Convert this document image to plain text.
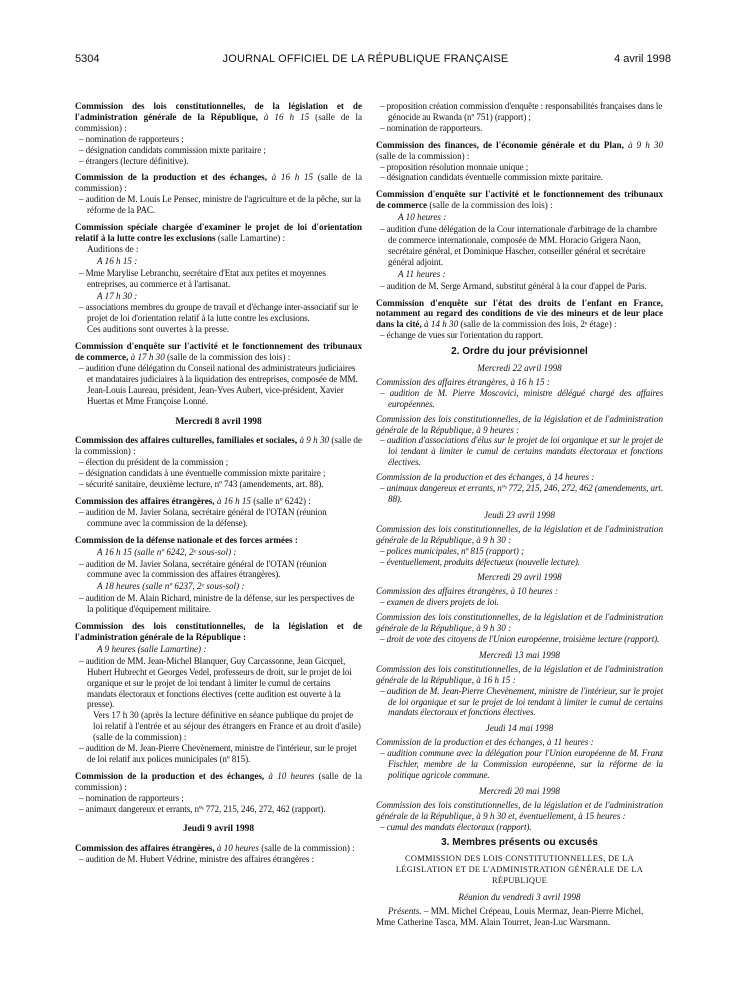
5304	JOURNAL OFFICIEL DE LA RÉPUBLIQUE FRANÇAISE	4 avril 1998
Commission des lois constitutionnelles, de la législation et de l'administration générale de la République, à 16 h 15 (salle de la commission) :

– nomination de rapporteurs ;

– désignation candidats commission mixte paritaire ;

– étrangers (lecture définitive).

Commission de la production et des échanges, à 16 h 15 (salle de la commission) :

– audition de M. Louis Le Pensec, ministre de l'agriculture et de la pêche, sur la réforme de la PAC.

Commission spéciale chargée d'examiner le projet de loi d'orientation relatif à la lutte contre les exclusions (salle Lamartine) :

Auditions de :

A 16 h 15 :

– Mme Marylise Lebranchu, secrétaire d'Etat aux petites et moyennes entreprises, au commerce et à l'artisanat.

A 17 h 30 :

– associations membres du groupe de travail et d'échange inter-associatif sur le projet de loi d'orientation relatif à la lutte contre les exclusions.

Ces auditions sont ouvertes à la presse.

Commission d'enquête sur l'activité et le fonctionnement des tribunaux de commerce, à 17 h 30 (salle de la commission des lois) :

– audition d'une délégation du Conseil national des administrateurs judiciaires et mandataires judiciaires à la liquidation des entreprises, composée de MM. Jean-Louis Laureau, président, Jean-Yves Aubert, vice-président, Xavier Huertas et Mme Françoise Lonné.

Mercredi 8 avril 1998
Commission des affaires culturelles, familiales et sociales, à 9 h 30 (salle de la commission) :

– élection du président de la commission ;

– désignation candidats à une éventuelle commission mixte paritaire ;

– sécurité sanitaire, deuxième lecture, nº 743 (amendements, art. 88).

Commission des affaires étrangères, à 16 h 15 (salle nº 6242) :

– audition de M. Javier Solana, secrétaire général de l'OTAN (réunion commune avec la commission de la défense).

Commission de la défense nationale et des forces armées :

A 16 h 15 (salle nº 6242, 2ᵉ sous-sol) :

– audition de M. Javier Solana, secrétaire général de l'OTAN (réunion commune avec la commission des affaires étrangères).

A 18 heures (salle nº 6237, 2ᵉ sous-sol) :

– audition de M. Alain Richard, ministre de la défense, sur les perspectives de la politique d'équipement militaire.

Commission des lois constitutionnelles, de la législation et de l'administration générale de la République :

A 9 heures (salle Lamartine) :

– audition de MM. Jean-Michel Blanquer, Guy Carcassonne, Jean Gicquel, Hubert Hubrecht et Georges Vedel, professeurs de droit, sur le projet de loi organique et sur le projet de loi tendant à limiter le cumul de certains mandats électoraux et fonctions électives (cette audition est ouverte à la presse).

Vers 17 h 30 (après la lecture définitive en séance publique du projet de loi relatif à l'entrée et au séjour des étrangers en France et au droit d'asile) (salle de la commission) :

– audition de M. Jean-Pierre Chevènement, ministre de l'intérieur, sur le projet de loi relatif aux polices municipales (nº 815).

Commission de la production et des échanges, à 10 heures (salle de la commission) :

– nomination de rapporteurs ;

– animaux dangereux et errants, nºˢ 772, 215, 246, 272, 462 (rapport).

Jeudi 9 avril 1998
Commission des affaires étrangères, à 10 heures (salle de la commission) :

– audition de M. Hubert Védrine, ministre des affaires étrangères :

– proposition création commission d'enquête : responsabilités françaises dans le génocide au Rwanda (nº 751) (rapport) ;

– nomination de rapporteurs.

Commission des finances, de l'économie générale et du Plan, à 9 h 30 (salle de la commission) :

– proposition résolution monnaie unique ;

– désignation candidats éventuelle commission mixte paritaire.

Commission d'enquête sur l'activité et le fonctionnement des tribunaux de commerce (salle de la commission des lois) :

A 10 heures :

– audition d'une délégation de la Cour internationale d'arbitrage de la chambre de commerce internationale, composée de MM. Horacio Grigera Naon, secrétaire général, et Dominique Hascher, conseiller général et secrétaire général adjoint.

A 11 heures :

– audition de M. Serge Armand, substitut général à la cour d'appel de Paris.

Commission d'enquête sur l'état des droits de l'enfant en France, notamment au regard des conditions de vie des mineurs et de leur place dans la cité, à 14 h 30 (salle de la commission des lois, 2ᵉ étage) :

– échange de vues sur l'orientation du rapport.

2. Ordre du jour prévisionnel
Mercredi 22 avril 1998
Commission des affaires étrangères, à 16 h 15 :

– audition de M. Pierre Moscovici, ministre délégué chargé des affaires européennes.

Commission des lois constitutionnelles, de la législation et de l'administration générale de la République, à 9 heures :

– audition d'associations d'élus sur le projet de loi organique et sur le projet de loi tendant à limiter le cumul de certains mandats électoraux et fonctions électives.

Commission de la production et des échanges, à 14 heures :

– animaux dangereux et errants, nºˢ 772, 215, 246, 272, 462 (amendements, art. 88).

Jeudi 23 avril 1998
Commission des lois constitutionnelles, de la législation et de l'administration générale de la République, à 9 h 30 :

– polices municipales, nº 815 (rapport) ;

– éventuellement, produits défectueux (nouvelle lecture).

Mercredi 29 avril 1998
Commission des affaires étrangères, à 10 heures :

– examen de divers projets de loi.

Commission des lois constitutionnelles, de la législation et de l'administration générale de la République, à 9 h 30 :

– droit de vote des citoyens de l'Union européenne, troisième lecture (rapport).

Mercredi 13 mai 1998
Commission des lois constitutionnelles, de la législation et de l'administration générale de la République, à 16 h 15 :

– audition de M. Jean-Pierre Chevènement, ministre de l'intérieur, sur le projet de loi organique et sur le projet de loi tendant à limiter le cumul de certains mandats électoraux et fonctions électives.

Jeudi 14 mai 1998
Commission de la production et des échanges, à 11 heures :

– audition commune avec la délégation pour l'Union européenne de M. Franz Fischler, membre de la Commission européenne, sur la réforme de la politique agricole commune.

Mercredi 20 mai 1998
Commission des lois constitutionnelles, de la législation et de l'administration générale de la République, à 9 h 30 et, éventuellement, à 15 heures :

– cumul des mandats électoraux (rapport).

3. Membres présents ou excusés
COMMISSION DES LOIS CONSTITUTIONNELLES, DE LA LÉGISLATION ET DE L'ADMINISTRATION GÉNÉRALE DE LA RÉPUBLIQUE
Réunion du vendredi 3 avril 1998

Présents. – MM. Michel Crépeau, Louis Mermaz, Jean-Pierre Michel, Mme Catherine Tasca, MM. Alain Tourret, Jean-Luc Warsmann.
